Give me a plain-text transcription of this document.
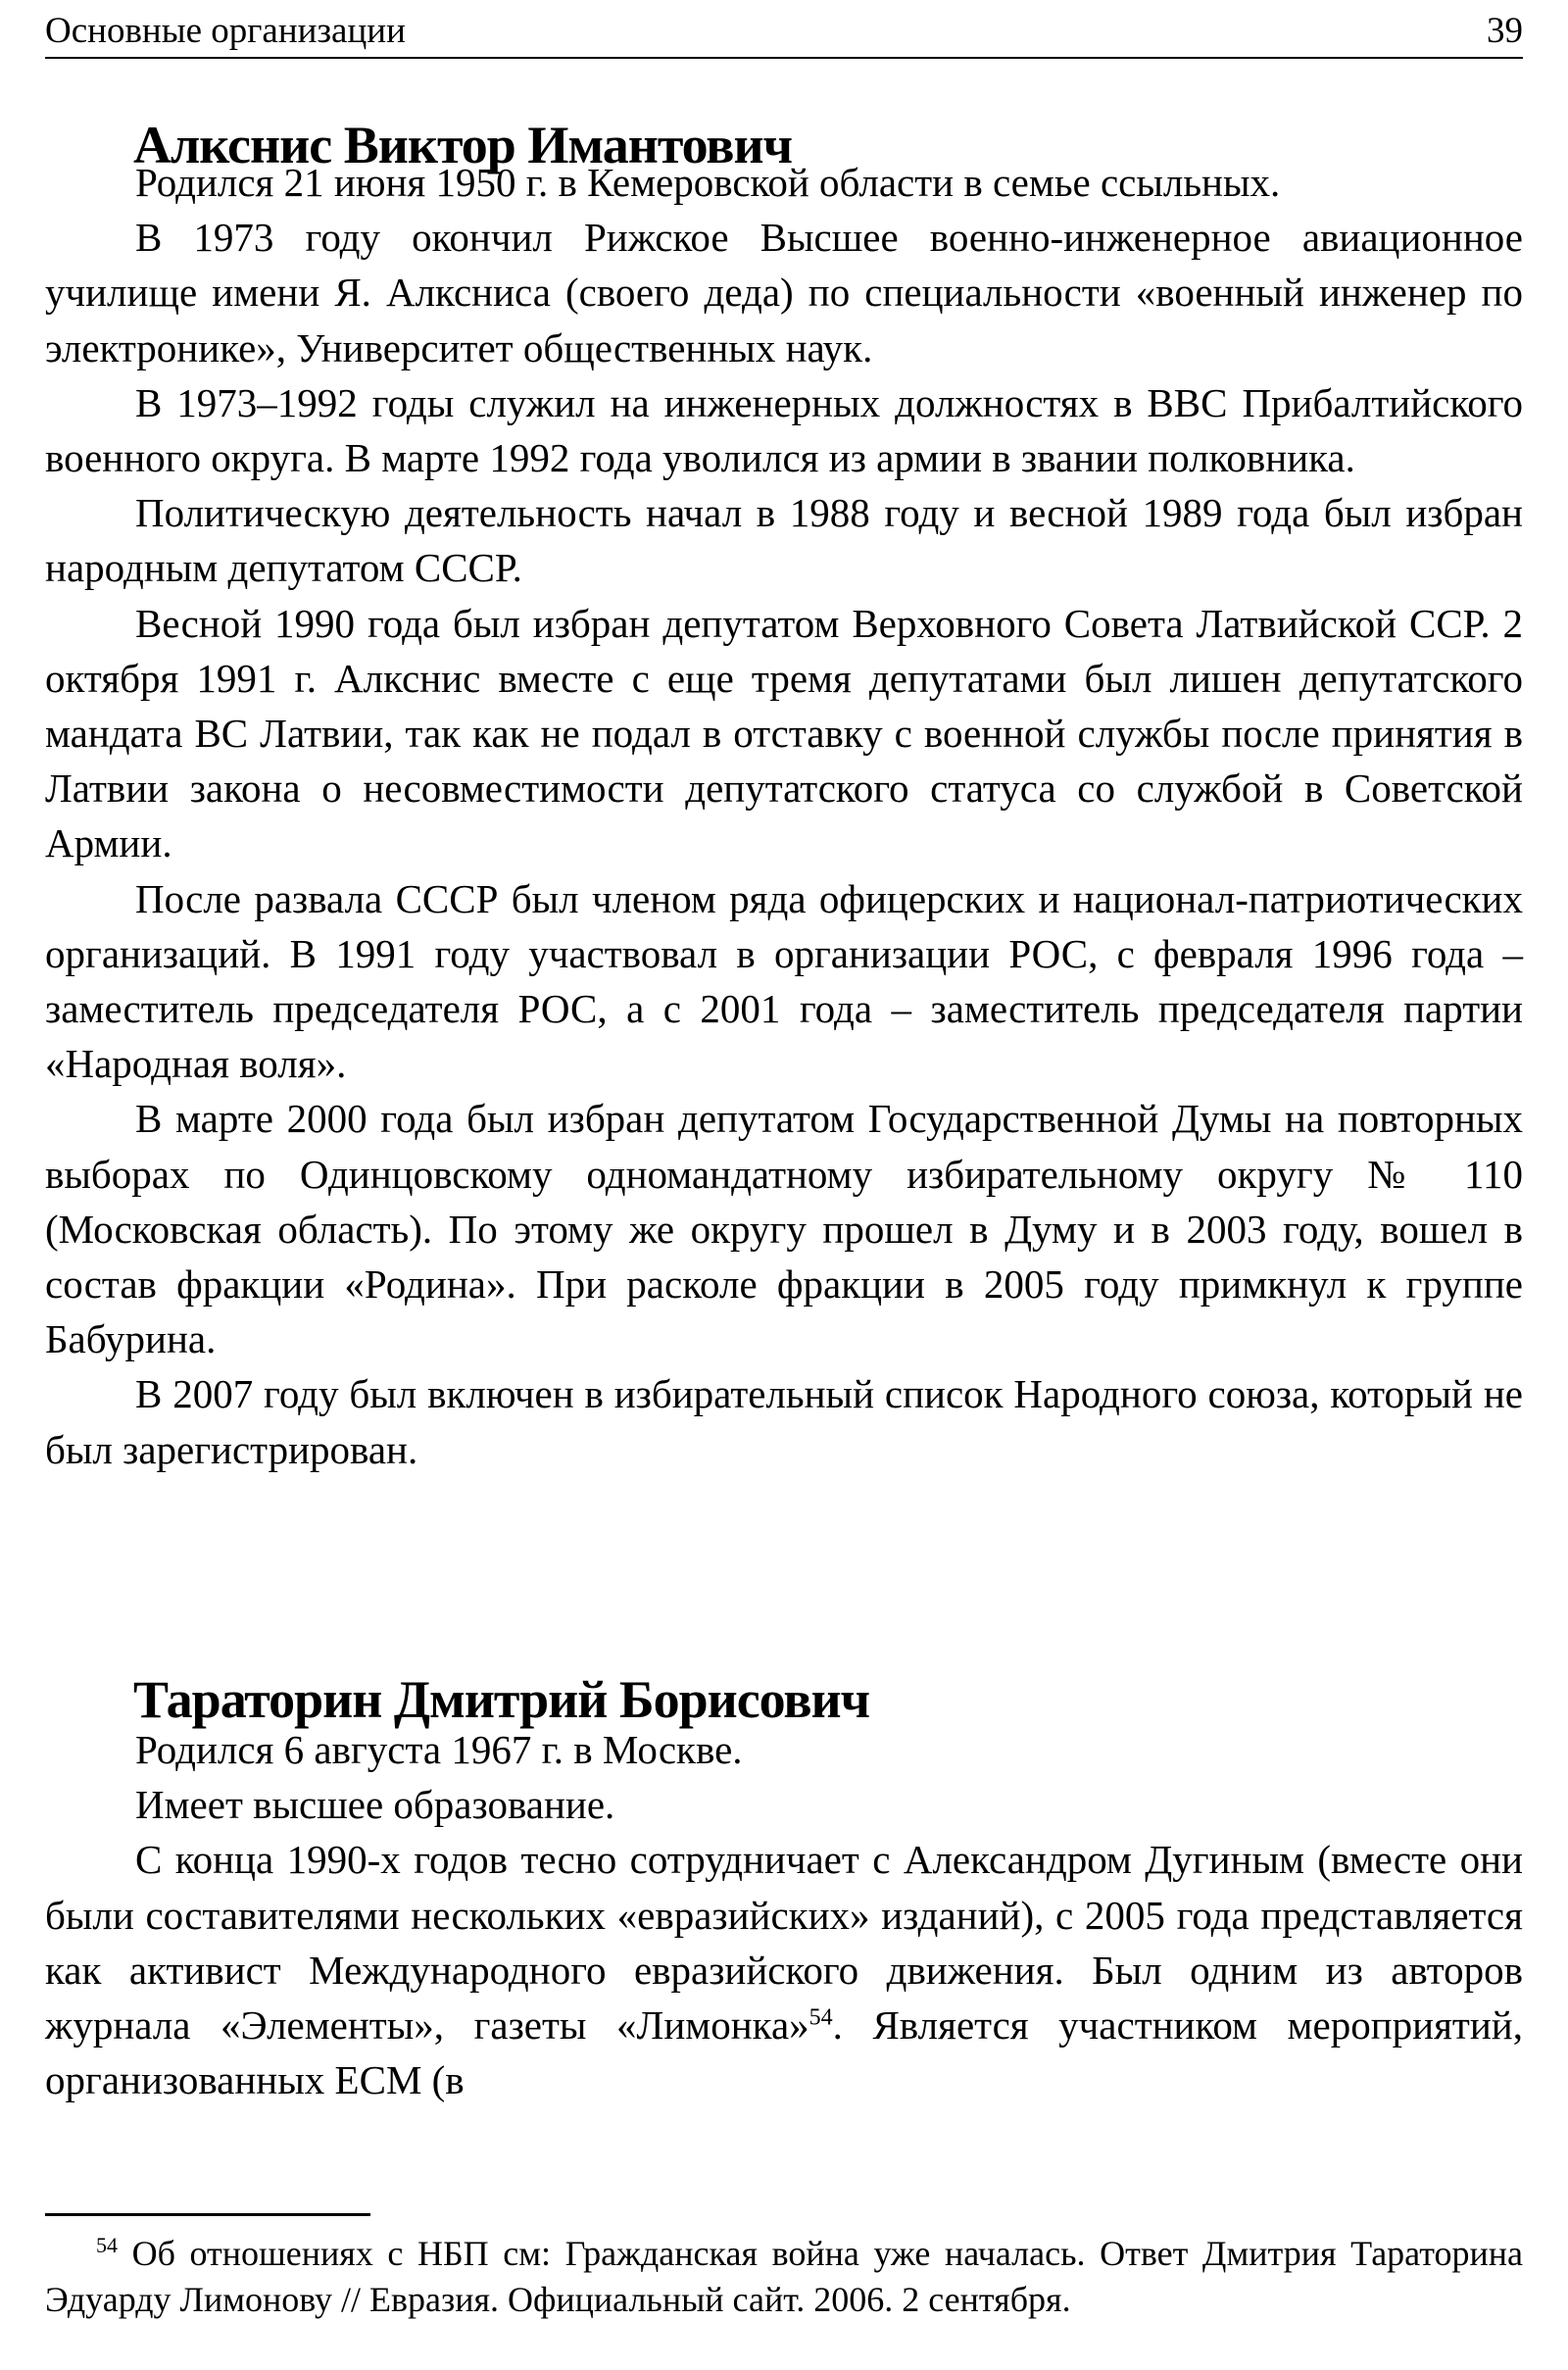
Основные организации	39
Алкснис Виктор Имантович

Родился 21 июня 1950 г. в Кемеровской области в семье ссыльных.

В 1973 году окончил Рижское Высшее военно-инженерное авиационное училище имени Я. Алксниса (своего деда) по специальности «военный инженер по электронике», Университет общественных наук.

В 1973–1992 годы служил на инженерных должностях в ВВС Прибалтийского военного округа. В марте 1992 года уволился из армии в звании полковника.

Политическую деятельность начал в 1988 году и весной 1989 года был избран народным депутатом СССР.

Весной 1990 года был избран депутатом Верховного Совета Латвийской ССР. 2 октября 1991 г. Алкснис вместе с еще тремя депутатами был лишен депутатского мандата ВС Латвии, так как не подал в отставку с военной службы после принятия в Латвии закона о несовместимости депутатского статуса со службой в Советской Армии.

После развала СССР был членом ряда офицерских и национал-патриотических организаций. В 1991 году участвовал в организации РОС, с февраля 1996 года – заместитель председателя РОС, а с 2001 года – заместитель председателя партии «Народная воля».

В марте 2000 года был избран депутатом Государственной Думы на повторных выборах по Одинцовскому одномандатному избирательному округу № 110 (Московская область). По этому же округу прошел в Думу и в 2003 году, вошел в состав фракции «Родина». При расколе фракции в 2005 году примкнул к группе Бабурина.

В 2007 году был включен в избирательный список Народного союза, который не был зарегистрирован.

Тараторин Дмитрий Борисович

Родился 6 августа 1967 г. в Москве.

Имеет высшее образование.

С конца 1990-х годов тесно сотрудничает с Александром Дугиным (вместе они были составителями нескольких «евразийских» изданий), с 2005 года представляется как активист Международного евразийского движения. Был одним из авторов журнала «Элементы», газеты «Лимонка»$^{54}$. Является участником мероприятий, организованных ЕСМ (в

$^{54}$ Об отношениях с НБП см: Гражданская война уже началась. Ответ Дмитрия Тараторина Эдуарду Лимонову // Евразия. Официальный сайт. 2006. 2 сентября.
